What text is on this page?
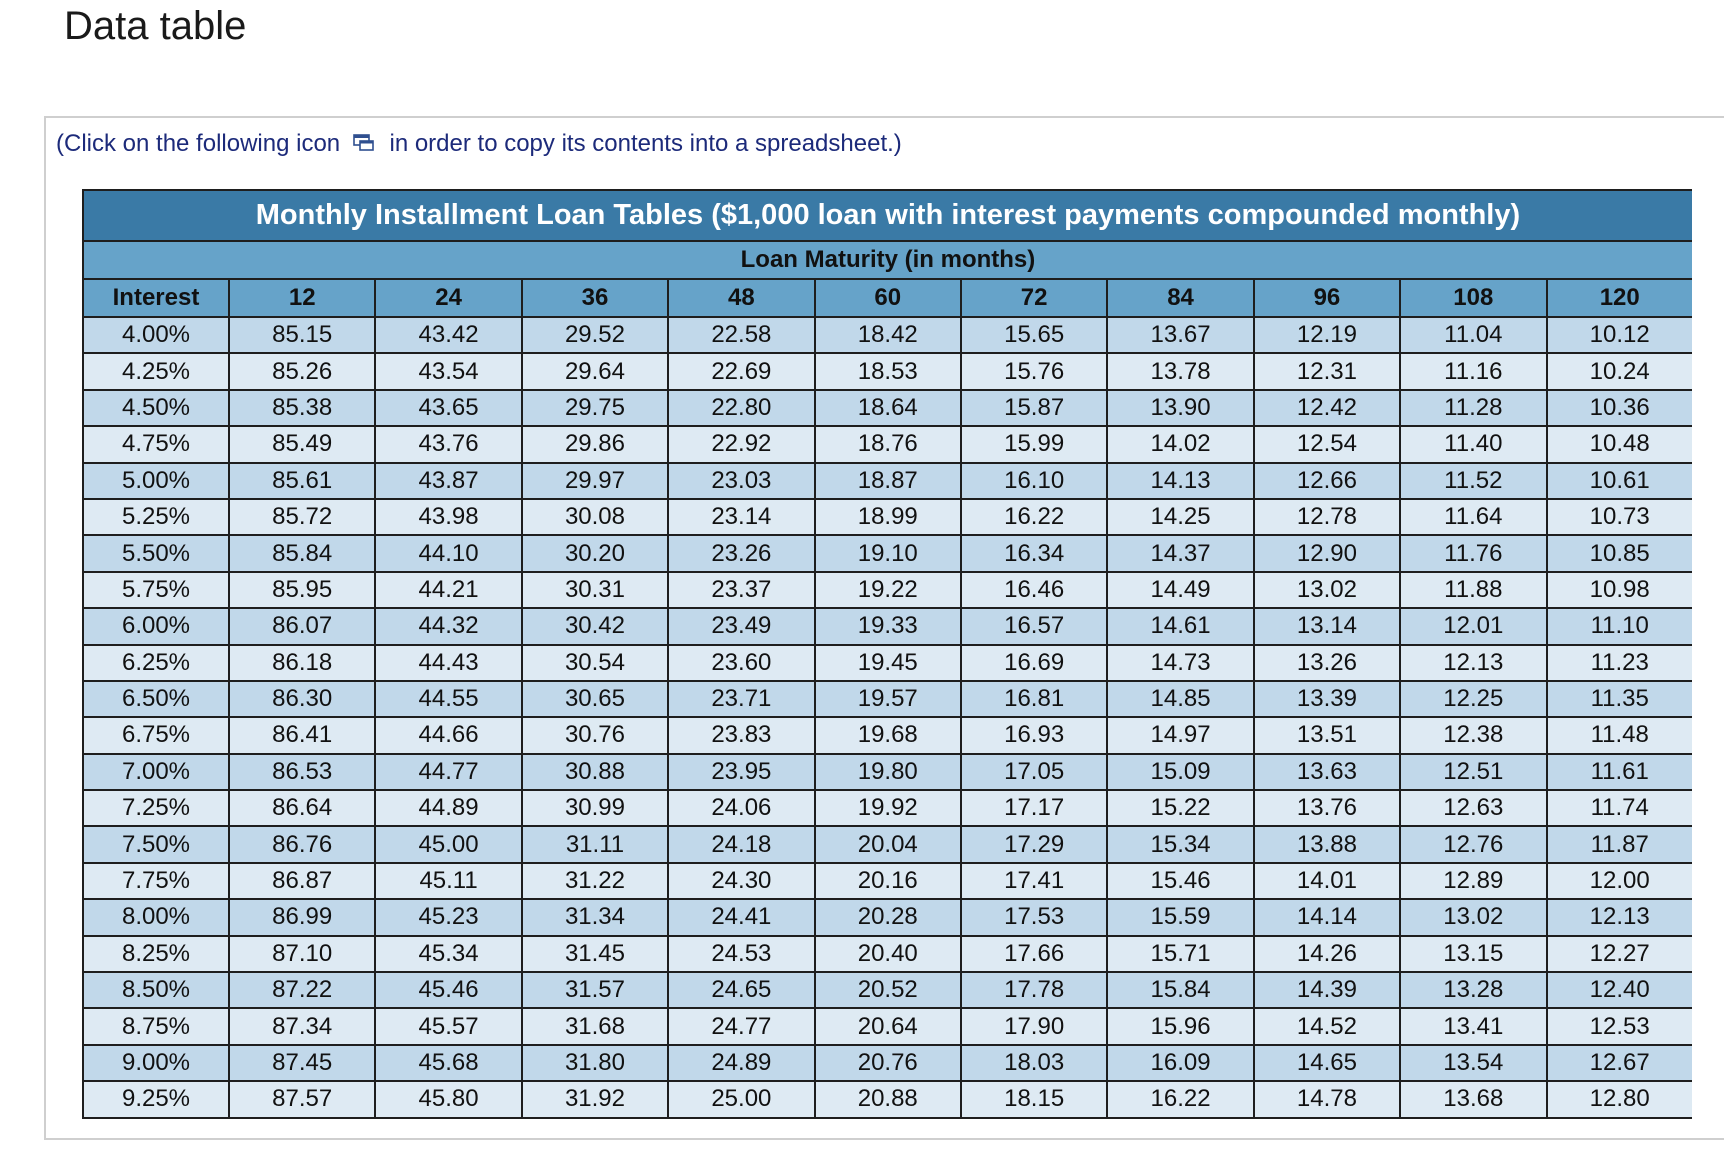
Data table
(Click on the following icon in order to copy its contents into a spreadsheet.)
Monthly Installment Loan Tables ($1,000 loan with interest payments compounded monthly)										
Loan Maturity (in months)										
Interest	12	24	36	48	60	72	84	96	108	120
4.00%	85.15	43.42	29.52	22.58	18.42	15.65	13.67	12.19	11.04	10.12
4.25%	85.26	43.54	29.64	22.69	18.53	15.76	13.78	12.31	11.16	10.24
4.50%	85.38	43.65	29.75	22.80	18.64	15.87	13.90	12.42	11.28	10.36
4.75%	85.49	43.76	29.86	22.92	18.76	15.99	14.02	12.54	11.40	10.48
5.00%	85.61	43.87	29.97	23.03	18.87	16.10	14.13	12.66	11.52	10.61
5.25%	85.72	43.98	30.08	23.14	18.99	16.22	14.25	12.78	11.64	10.73
5.50%	85.84	44.10	30.20	23.26	19.10	16.34	14.37	12.90	11.76	10.85
5.75%	85.95	44.21	30.31	23.37	19.22	16.46	14.49	13.02	11.88	10.98
6.00%	86.07	44.32	30.42	23.49	19.33	16.57	14.61	13.14	12.01	11.10
6.25%	86.18	44.43	30.54	23.60	19.45	16.69	14.73	13.26	12.13	11.23
6.50%	86.30	44.55	30.65	23.71	19.57	16.81	14.85	13.39	12.25	11.35
6.75%	86.41	44.66	30.76	23.83	19.68	16.93	14.97	13.51	12.38	11.48
7.00%	86.53	44.77	30.88	23.95	19.80	17.05	15.09	13.63	12.51	11.61
7.25%	86.64	44.89	30.99	24.06	19.92	17.17	15.22	13.76	12.63	11.74
7.50%	86.76	45.00	31.11	24.18	20.04	17.29	15.34	13.88	12.76	11.87
7.75%	86.87	45.11	31.22	24.30	20.16	17.41	15.46	14.01	12.89	12.00
8.00%	86.99	45.23	31.34	24.41	20.28	17.53	15.59	14.14	13.02	12.13
8.25%	87.10	45.34	31.45	24.53	20.40	17.66	15.71	14.26	13.15	12.27
8.50%	87.22	45.46	31.57	24.65	20.52	17.78	15.84	14.39	13.28	12.40
8.75%	87.34	45.57	31.68	24.77	20.64	17.90	15.96	14.52	13.41	12.53
9.00%	87.45	45.68	31.80	24.89	20.76	18.03	16.09	14.65	13.54	12.67
9.25%	87.57	45.80	31.92	25.00	20.88	18.15	16.22	14.78	13.68	12.80
